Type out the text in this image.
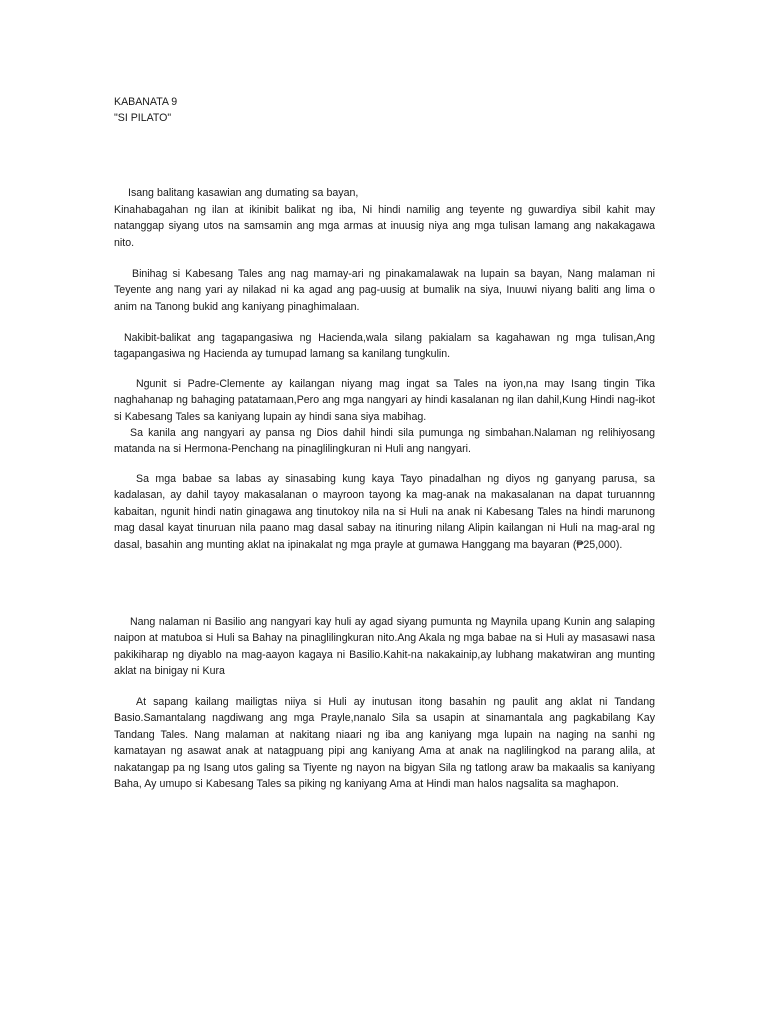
KABANATA 9
"SI PILATO"

Isang balitang kasawian ang dumating sa bayan,

Kinahabagahan ng ilan at ikinibit balikat ng iba, Ni hindi namilig ang teyente ng guwardiya sibil kahit may natanggap siyang utos na samsamin ang mga armas at inuusig niya ang mga tulisan lamang ang nakakagawa nito.

Binihag si Kabesang Tales ang nag mamay-ari ng pinakamalawak na lupain sa bayan, Nang malaman ni Teyente ang nang yari ay nilakad ni ka agad ang pag-uusig at bumalik na siya, Inuuwi niyang baliti ang lima o anim na Tanong bukid ang kaniyang pinaghimalaan.

Nakibit-balikat ang tagapangasiwa ng Hacienda,wala silang pakialam sa kagahawan ng mga tulisan,Ang tagapangasiwa ng Hacienda ay tumupad lamang sa kanilang tungkulin.

Ngunit si Padre-Clemente ay kailangan niyang mag ingat sa Tales na iyon,na may Isang tingin Tika naghahanap ng bahaging patatamaan,Pero ang mga nangyari ay hindi kasalanan ng ilan dahil,Kung Hindi nag-ikot si Kabesang Tales sa kaniyang lupain ay hindi sana siya mabihag.

Sa kanila ang nangyari ay pansa ng Dios dahil hindi sila pumunga ng simbahan.Nalaman ng relihiyosang matanda na si Hermona-Penchang na pinaglilingkuran ni Huli ang nangyari.

Sa mga babae sa labas ay sinasabing kung kaya Tayo pinadalhan ng diyos ng ganyang parusa, sa kadalasan, ay dahil tayoy makasalanan o mayroon tayong ka mag-anak na makasalanan na dapat turuannng kabaitan, ngunit hindi natin ginagawa ang tinutokoy nila na si Huli na anak ni Kabesang Tales na hindi marunong mag dasal kayat tinuruan nila paano mag dasal sabay na itinuring nilang Alipin kailangan ni Huli na mag-aral ng dasal, basahin ang munting aklat na ipinakalat ng mga prayle at gumawa Hanggang ma bayaran (₱25,000).

Nang nalaman ni Basilio ang nangyari kay huli ay agad siyang pumunta ng Maynila upang Kunin ang salaping naipon at matuboa si Huli sa Bahay na pinaglilingkuran nito.Ang Akala ng mga babae na si Huli ay masasawi nasa pakikiharap ng diyablo na mag-aayon kagaya ni Basilio.Kahit-na nakakainip,ay lubhang makatwiran ang munting aklat na binigay ni Kura

At sapang kailang mailigtas niiya si Huli ay inutusan itong basahin ng paulit ang aklat ni Tandang Basio.Samantalang nagdiwang ang mga Prayle,nanalo Sila sa usapin at sinamantala ang pagkabilang Kay Tandang Tales. Nang malaman at nakitang niaari ng iba ang kaniyang mga lupain na naging na sanhi ng kamatayan ng asawat anak at natagpuang pipi ang kaniyang Ama at anak na naglilingkod na parang alila, at nakatangap pa ng Isang utos galing sa Tiyente ng nayon na bigyan Sila ng tatlong araw ba makaalis sa kaniyang Baha, Ay umupo si Kabesang Tales sa piking ng kaniyang Ama at Hindi man halos nagsalita sa maghapon.
